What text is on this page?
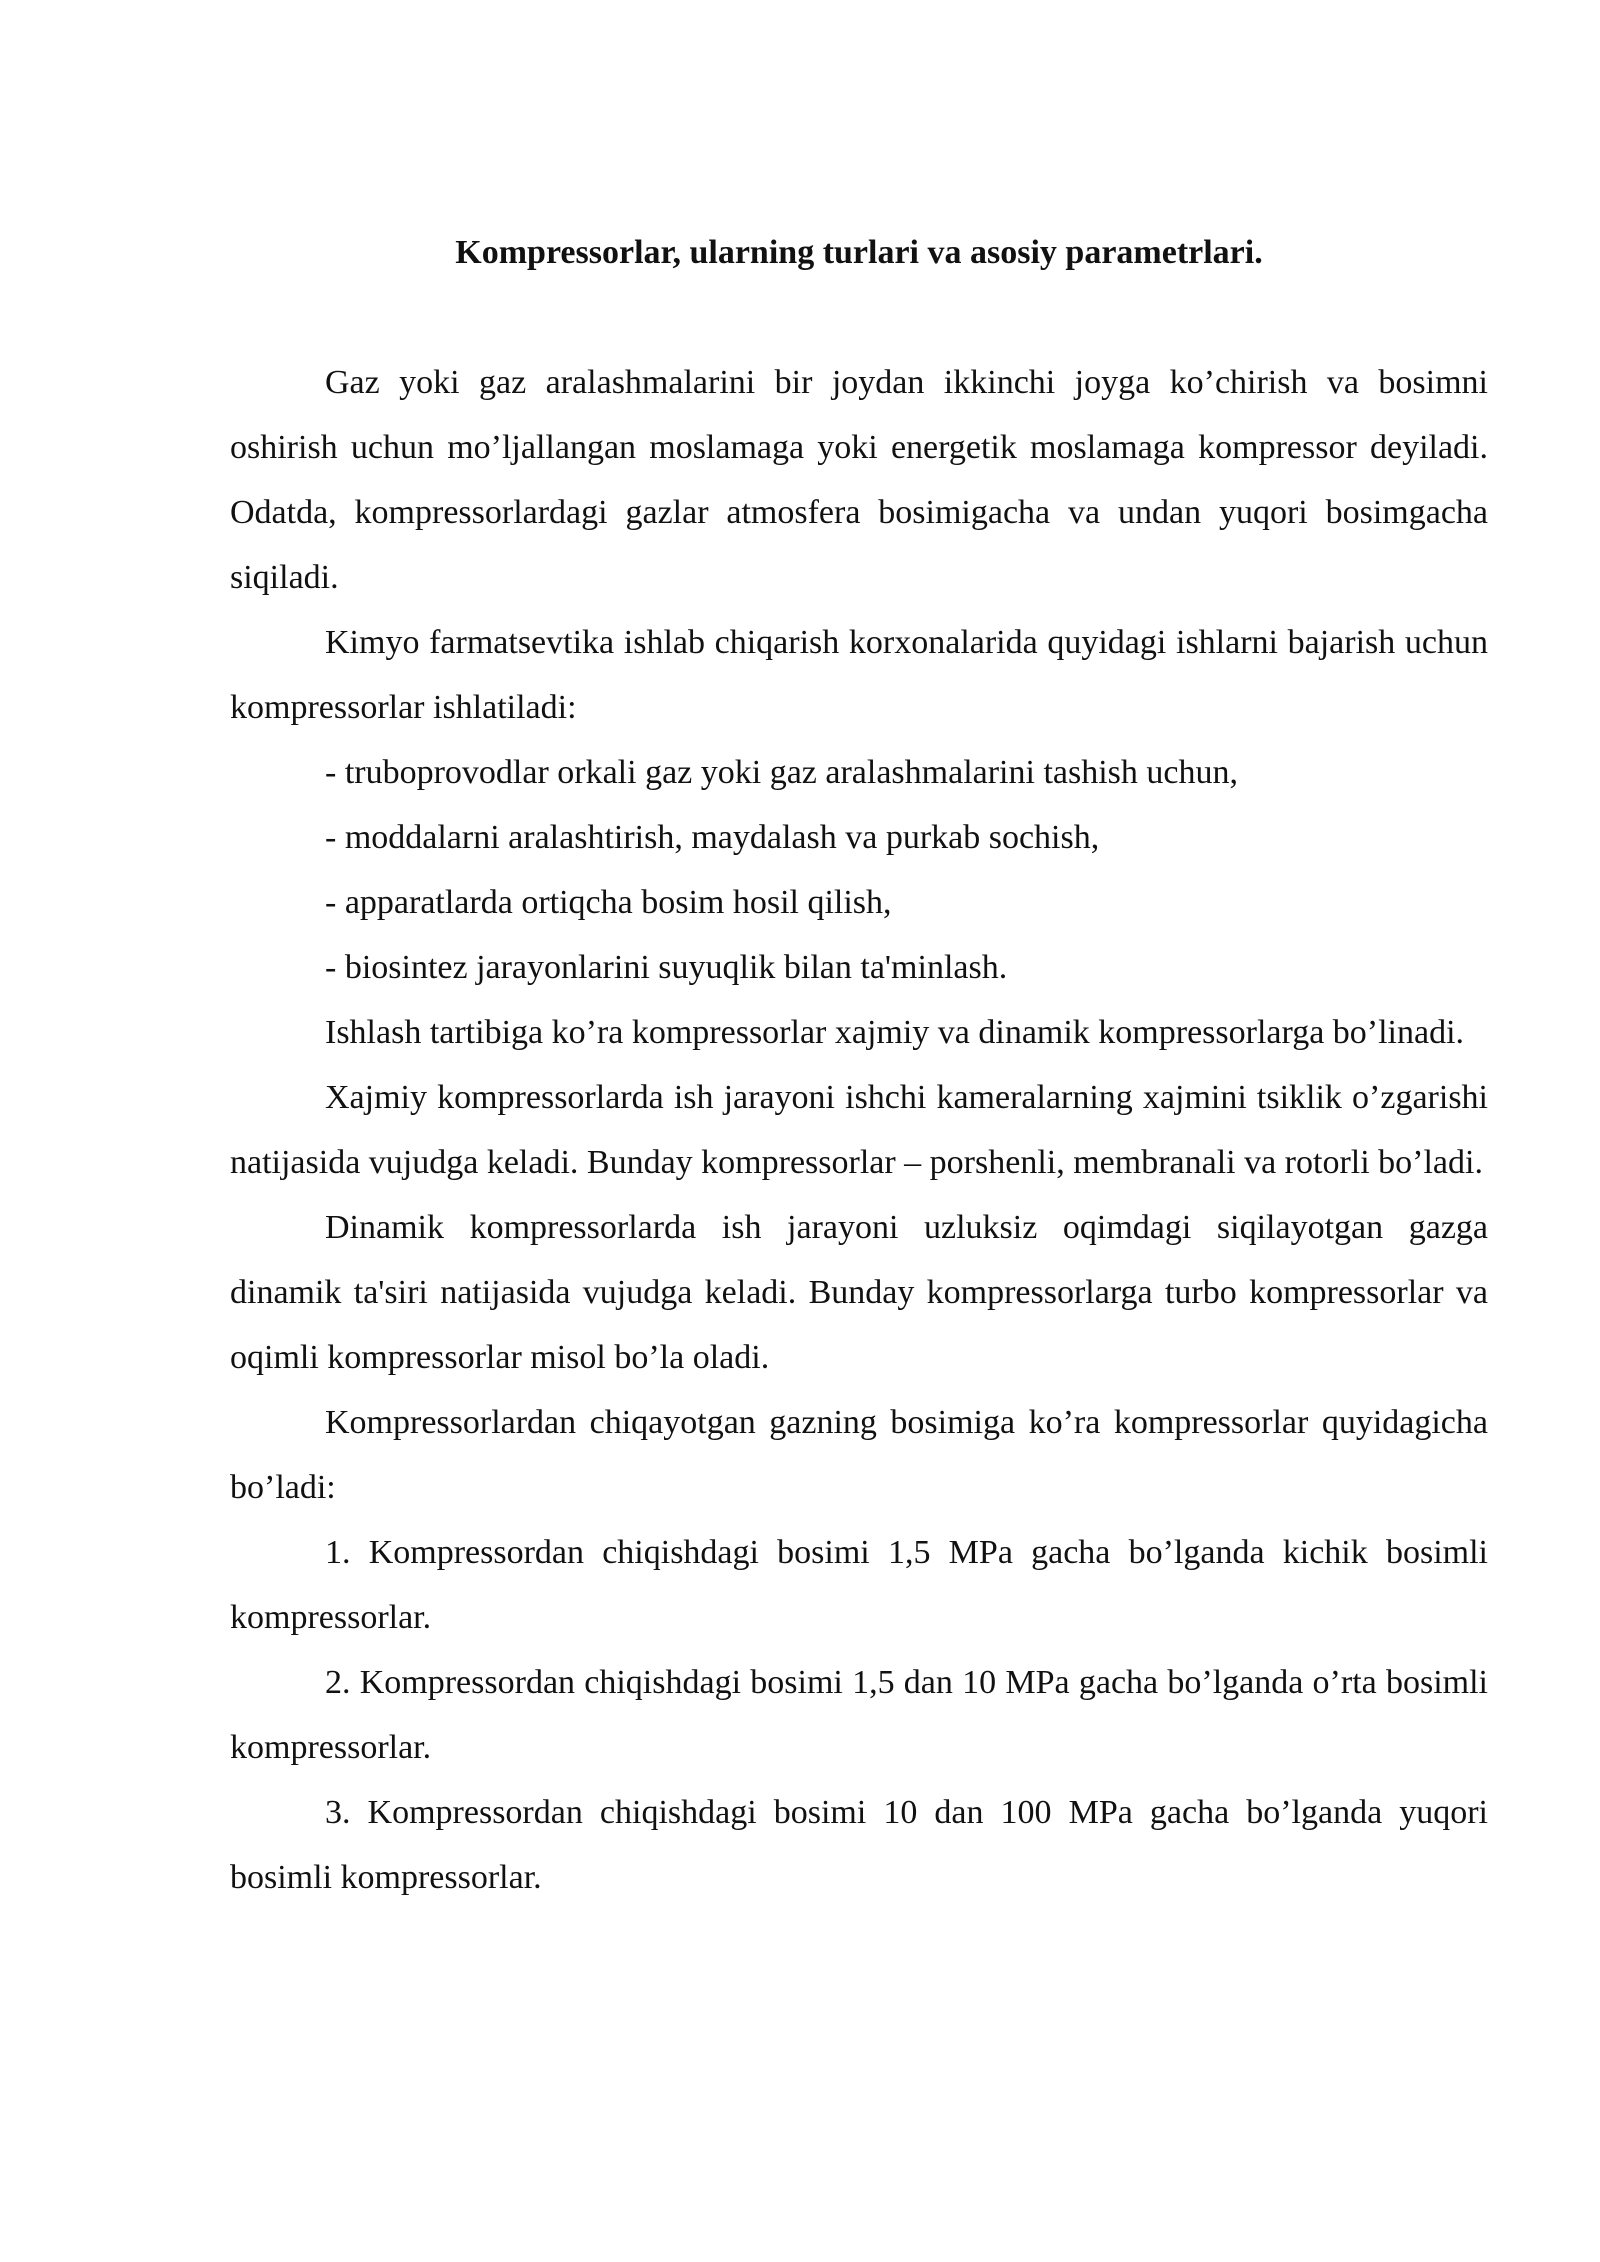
Kompressorlar, ularning turlari va asosiy parametrlari.

Gaz yoki gaz aralashmalarini bir joydan ikkinchi joyga ko’chirish va bosimni oshirish uchun mo’ljallangan moslamaga yoki energetik moslamaga kompressor deyiladi. Odatda, kompressorlardagi gazlar atmosfera bosimigacha va undan yuqori bosimgacha siqiladi.

Kimyo farmatsevtika ishlab chiqarish korxonalarida quyidagi ishlarni bajarish uchun kompressorlar ishlatiladi:

- truboprovodlar orkali gaz yoki gaz aralashmalarini tashish uchun,

- moddalarni aralashtirish, maydalash va purkab sochish,

- apparatlarda ortiqcha bosim hosil qilish,

- biosintez jarayonlarini suyuqlik bilan ta'minlash.

Ishlash tartibiga ko’ra kompressorlar xajmiy va dinamik kompressorlarga bo’linadi.

Xajmiy kompressorlarda ish jarayoni ishchi kameralarning xajmini tsiklik o’zgarishi natijasida vujudga keladi. Bunday kompressorlar – porshenli, membranali va rotorli bo’ladi.

Dinamik kompressorlarda ish jarayoni uzluksiz oqimdagi siqilayotgan gazga dinamik ta'siri natijasida vujudga keladi. Bunday kompressorlarga turbo kompressorlar va oqimli kompressorlar misol bo’la oladi.

Kompressorlardan chiqayotgan gazning bosimiga ko’ra kompressorlar quyidagicha bo’ladi:

1. Kompressordan chiqishdagi bosimi 1,5 MPa gacha bo’lganda kichik bosimli kompressorlar.

2. Kompressordan chiqishdagi bosimi 1,5 dan 10 MPa gacha bo’lganda o’rta bosimli kompressorlar.

3. Kompressordan chiqishdagi bosimi 10 dan 100 MPa gacha bo’lganda yuqori bosimli kompressorlar.
